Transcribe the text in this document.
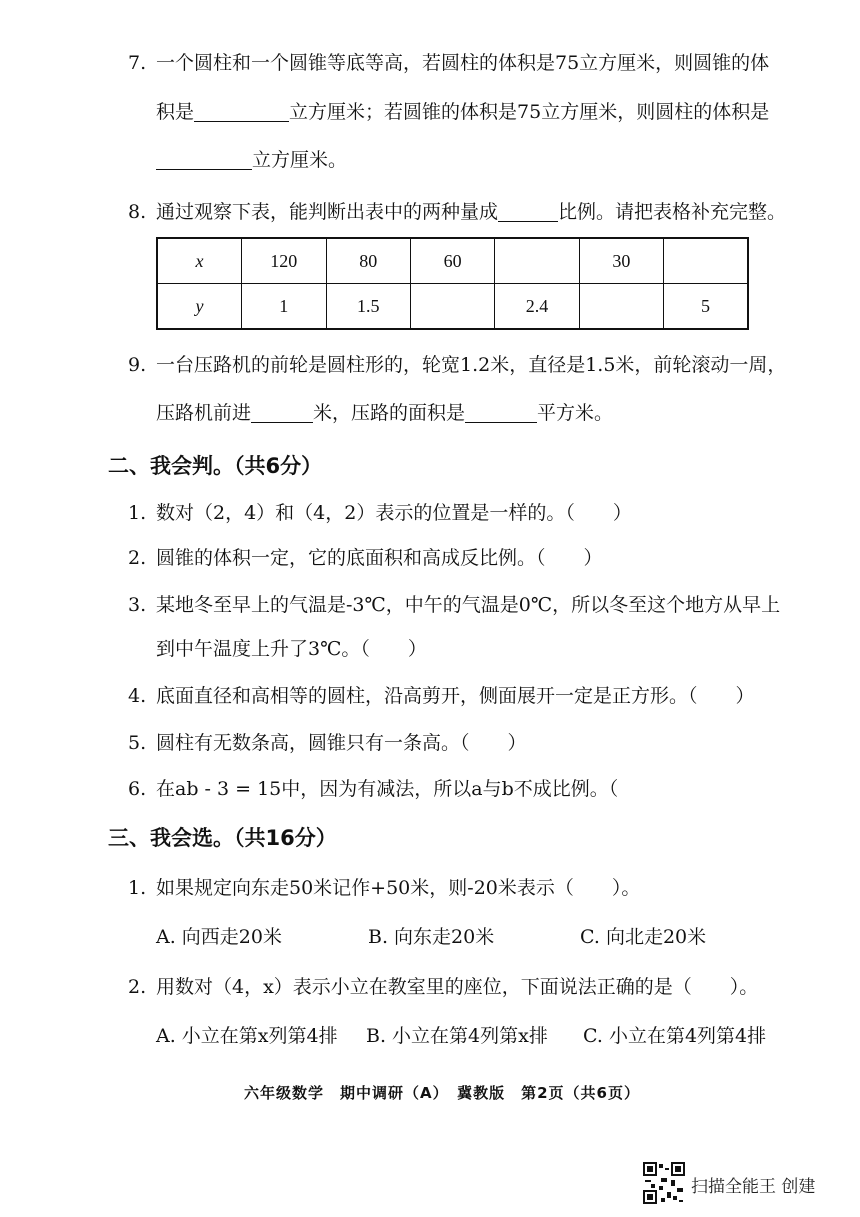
7. 一个圆柱和一个圆锥等底等高，若圆柱的体积是75立方厘米，则圆锥的体
积是	立方厘米；若圆锥的体积是75立方厘米，则圆柱的体积是
立方厘米。
8. 通过观察下表，能判断出表中的两种量成	比例。请把表格补充完整。
x	120	80	60		30	
y	1	1.5		2.4		5
9. 一台压路机的前轮是圆柱形的，轮宽1.2米，直径是1.5米，前轮滚动一周，
压路机前进	米，压路的面积是	平方米。
二、我会判。（共6分）
1. 数对（2，4）和（4，2）表示的位置是一样的。（　　）
2. 圆锥的体积一定，它的底面积和高成反比例。（　　）
3. 某地冬至早上的气温是-3℃，中午的气温是0℃，所以冬至这个地方从早上
到中午温度上升了3℃。（　　）
4. 底面直径和高相等的圆柱，沿高剪开，侧面展开一定是正方形。（　　）
5. 圆柱有无数条高，圆锥只有一条高。（　　）
6. 在ab - 3 = 15中，因为有减法，所以a与b不成比例。（
三、我会选。（共16分）
1. 如果规定向东走50米记作+50米，则-20米表示（　　）。
A. 向西走20米	B. 向东走20米	C. 向北走20米
2. 用数对（4，x）表示小立在教室里的座位，下面说法正确的是（　　）。
A. 小立在第x列第4排 B. 小立在第4列第x排 C. 小立在第4列第4排
六年级数学　期中调研（A）　冀教版　第2页（共6页）
扫描全能王 创建
